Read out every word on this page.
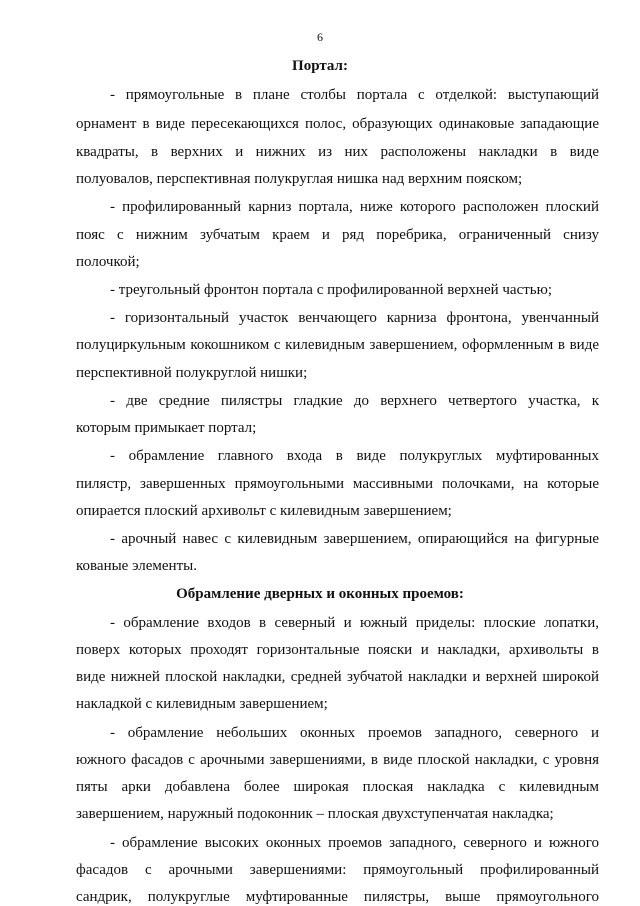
6
Портал:
- прямоугольные в плане столбы портала с отделкой: выступающий
орнамент в виде пересекающихся полос, образующих одинаковые западающие
квадраты, в верхних и нижних из них расположены накладки в виде
полуовалов, перспективная полукруглая нишка над верхним пояском;
- профилированный карниз портала, ниже которого расположен плоский
пояс с нижним зубчатым краем и ряд поребрика, ограниченный снизу
полочкой;
- треугольный фронтон портала с профилированной верхней частью;
- горизонтальный участок венчающего карниза фронтона, увенчанный
полуциркульным кокошником с килевидным завершением, оформленным в виде
перспективной полукруглой нишки;
- две средние пилястры гладкие до верхнего четвертого участка, к
которым примыкает портал;
- обрамление главного входа в виде полукруглых муфтированных
пилястр, завершенных прямоугольными массивными полочками, на которые
опирается плоский архивольт с килевидным завершением;
- арочный навес с килевидным завершением, опирающийся на фигурные
кованые элементы.
Обрамление дверных и оконных проемов:
- обрамление входов в северный и южный приделы: плоские лопатки,
поверх которых проходят горизонтальные пояски и накладки, архивольты в
виде нижней плоской накладки, средней зубчатой накладки и верхней широкой
накладкой с килевидным завершением;
- обрамление небольших оконных проемов западного, северного и
южного фасадов с арочными завершениями, в виде плоской накладки, с уровня
пяты арки добавлена более широкая плоская накладка с килевидным
завершением, наружный подоконник – плоская двухступенчатая накладка;
- обрамление высоких оконных проемов западного, северного и южного
фасадов с арочными завершениями: прямоугольный профилированный
сандрик, полукруглые муфтированные пилястры, выше прямоугольного
